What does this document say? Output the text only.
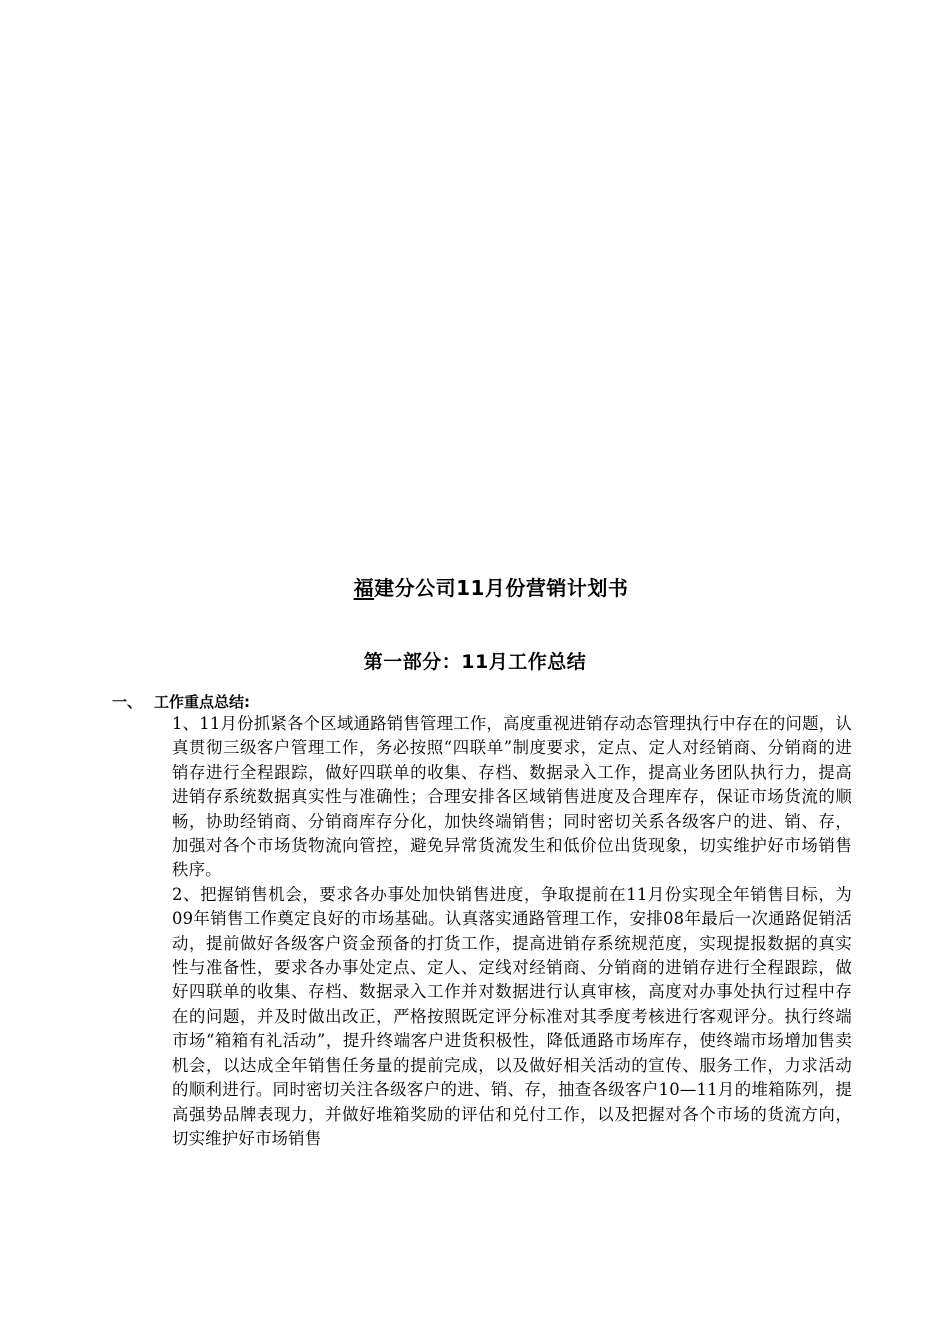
福建分公司11月份营销计划书
第一部分：11月工作总结
一、 工作重点总结:

1、11月份抓紧各个区域通路销售管理工作，高度重视进销存动态管理执行中存在的问题，认真贯彻三级客户管理工作，务必按照“四联单”制度要求，定点、定人对经销商、分销商的进销存进行全程跟踪，做好四联单的收集、存档、数据录入工作，提高业务团队执行力，提高进销存系统数据真实性与准确性；合理安排各区域销售进度及合理库存，保证市场货流的顺畅，协助经销商、分销商库存分化，加快终端销售；同时密切关系各级客户的进、销、存，加强对各个市场货物流向管控，避免异常货流发生和低价位出货现象，切实维护好市场销售秩序。

2、把握销售机会，要求各办事处加快销售进度，争取提前在11月份实现全年销售目标，为09年销售工作奠定良好的市场基础。认真落实通路管理工作，安排08年最后一次通路促销活动，提前做好各级客户资金预备的打货工作，提高进销存系统规范度，实现提报数据的真实性与准备性，要求各办事处定点、定人、定线对经销商、分销商的进销存进行全程跟踪，做好四联单的收集、存档、数据录入工作并对数据进行认真审核，高度对办事处执行过程中存在的问题，并及时做出改正，严格按照既定评分标准对其季度考核进行客观评分。执行终端市场“箱箱有礼活动”，提升终端客户进货积极性，降低通路市场库存，使终端市场增加售卖机会，以达成全年销售任务量的提前完成，以及做好相关活动的宣传、服务工作，力求活动的顺利进行。同时密切关注各级客户的进、销、存，抽查各级客户10—11月的堆箱陈列，提高强势品牌表现力，并做好堆箱奖励的评估和兑付工作，以及把握对各个市场的货流方向，切实维护好市场销售
